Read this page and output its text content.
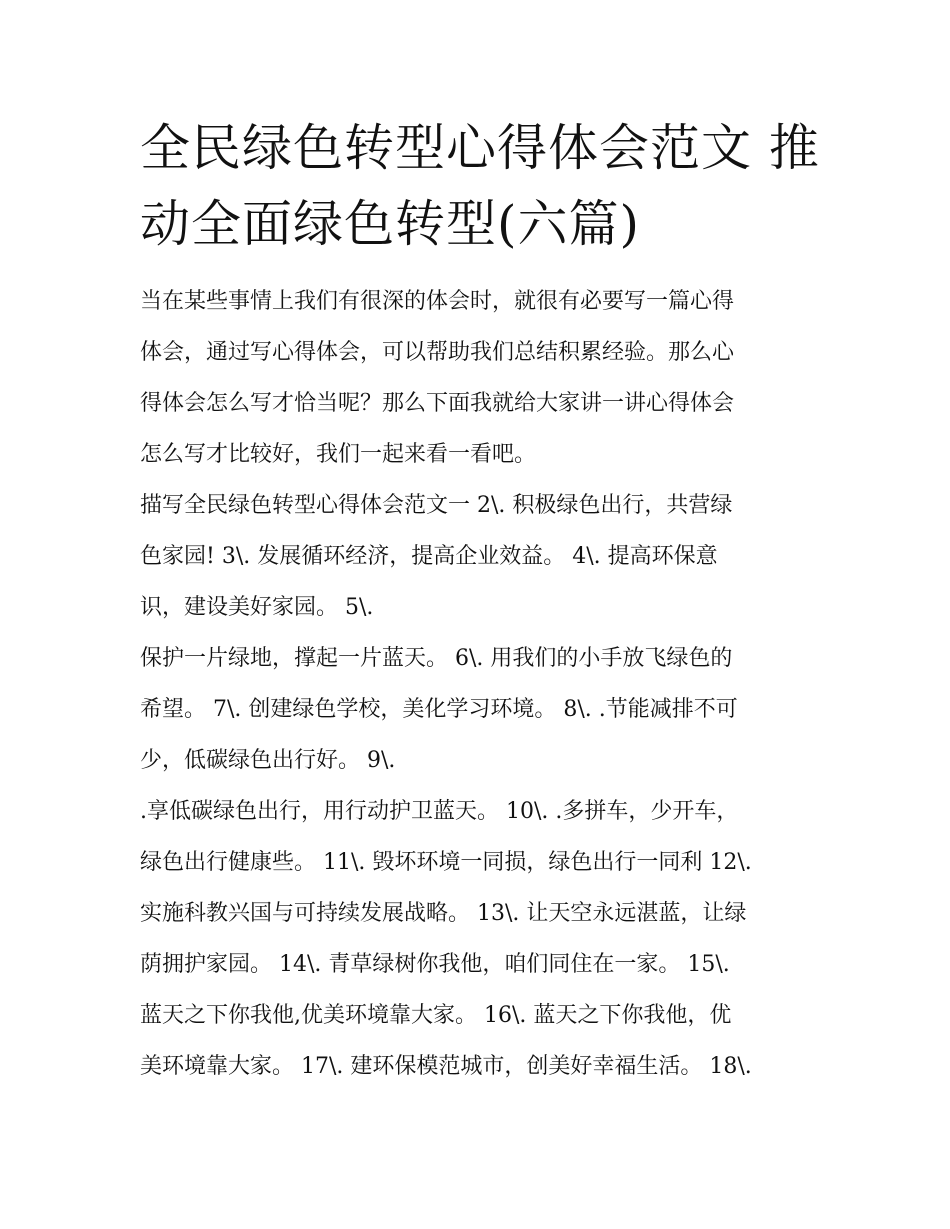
全民绿色转型心得体会范文 推
动全面绿色转型(六篇)

当在某些事情上我们有很深的体会时，就很有必要写一篇心得
体会，通过写心得体会，可以帮助我们总结积累经验。那么心
得体会怎么写才恰当呢？那么下面我就给大家讲一讲心得体会
怎么写才比较好，我们一起来看一看吧。

描写全民绿色转型心得体会范文一 2\. 积极绿色出行，共营绿
色家园! 3\. 发展循环经济，提高企业效益。 4\. 提高环保意
识，建设美好家园。 5\.

保护一片绿地，撑起一片蓝天。 6\. 用我们的小手放飞绿色的
希望。 7\. 创建绿色学校，美化学习环境。 8\. .节能减排不可
少，低碳绿色出行好。 9\.

.享低碳绿色出行，用行动护卫蓝天。 10\. .多拼车，少开车，
绿色出行健康些。 11\. 毁坏环境一同损，绿色出行一同利 12\.
实施科教兴国与可持续发展战略。 13\. 让天空永远湛蓝，让绿
荫拥护家园。 14\. 青草绿树你我他，咱们同住在一家。 15\.
蓝天之下你我他,优美环境靠大家。 16\. 蓝天之下你我他，优
美环境靠大家。 17\. 建环保模范城市，创美好幸福生活。 18\.
